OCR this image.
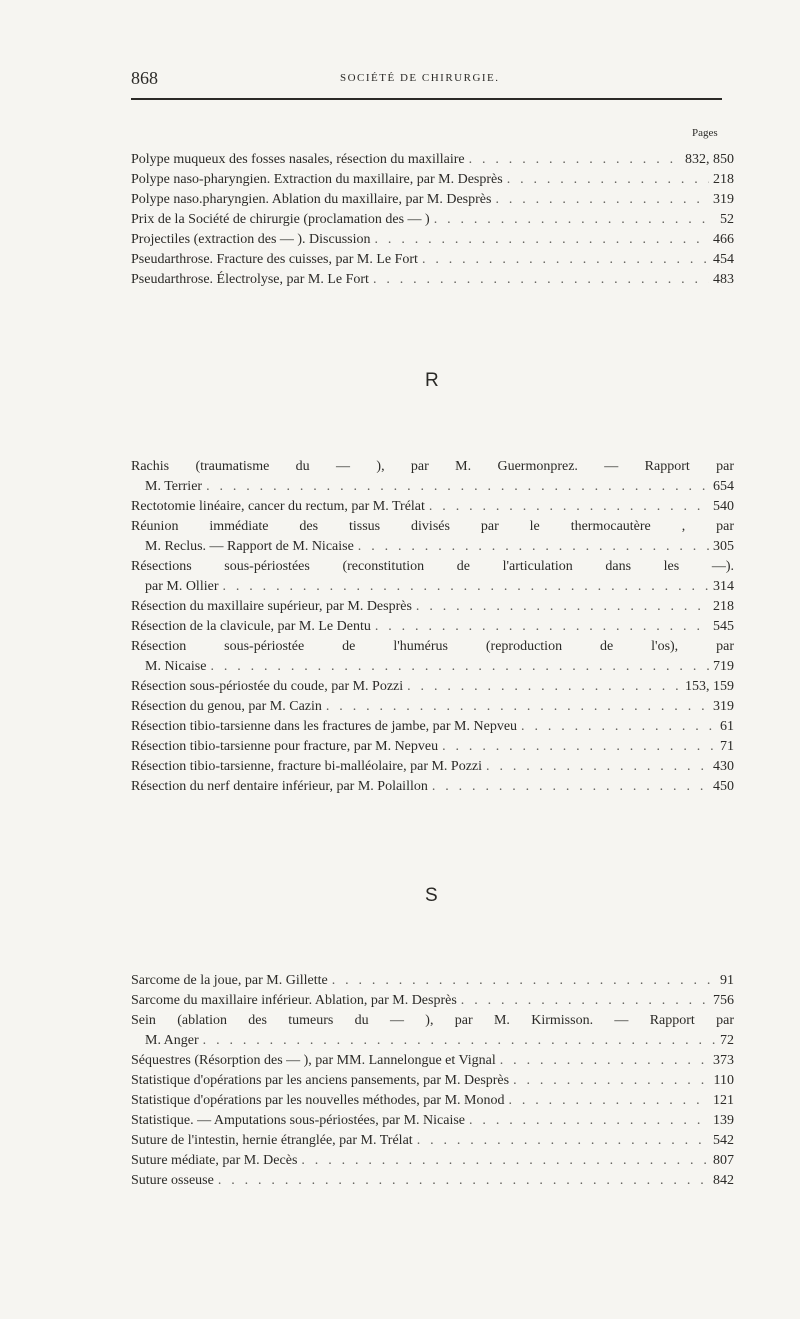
868	SOCIÉTÉ DE CHIRURGIE.
Pages
Polype muqueux des fosses nasales, résection du maxillaire . . .	832, 850
Polype naso-pharyngien. Extraction du maxillaire, par M. Desprès . . .	218
Polype naso.pharyngien. Ablation du maxillaire, par M. Desprès . . .	319
Prix de la Société de chirurgie (proclamation des — ) . . .	52
Projectiles (extraction des — ). Discussion . . .	466
Pseudarthrose. Fracture des cuisses, par M. Le Fort . . .	454
Pseudarthrose. Électrolyse, par M. Le Fort . . .	483
R
Rachis (traumatisme du — ), par M. Guermonprez. — Rapport par
M. Terrier . . .	654
Rectotomie linéaire, cancer du rectum, par M. Trélat . . .	540
Réunion immédiate des tissus divisés par le thermocautère , par
M. Reclus. — Rapport de M. Nicaise . . .	305
Résections sous-périostées (reconstitution de l'articulation dans les —).
par M. Ollier . . .	314
Résection du maxillaire supérieur, par M. Desprès . . .	218
Résection de la clavicule, par M. Le Dentu . . .	545
Résection sous-périostée de l'humérus (reproduction de l'os), par
M. Nicaise . . .	719
Résection sous-périostée du coude, par M. Pozzi . . .	153, 159
Résection du genou, par M. Cazin . . .	319
Résection tibio-tarsienne dans les fractures de jambe, par M. Nepveu . . .	61
Résection tibio-tarsienne pour fracture, par M. Nepveu . . .	71
Résection tibio-tarsienne, fracture bi-malléolaire, par M. Pozzi . . .	430
Résection du nerf dentaire inférieur, par M. Polaillon . . .	450
S
Sarcome de la joue, par M. Gillette . . .	91
Sarcome du maxillaire inférieur. Ablation, par M. Desprès . . .	756
Sein (ablation des tumeurs du — ), par M. Kirmisson. — Rapport par
M. Anger . . .	72
Séquestres (Résorption des — ), par MM. Lannelongue et Vignal . . .	373
Statistique d'opérations par les anciens pansements, par M. Desprès . . .	110
Statistique d'opérations par les nouvelles méthodes, par M. Monod . . .	121
Statistique. — Amputations sous-périostées, par M. Nicaise . . .	139
Suture de l'intestin, hernie étranglée, par M. Trélat . . .	542
Suture médiate, par M. Decès . . .	807
Suture osseuse . . .	842
